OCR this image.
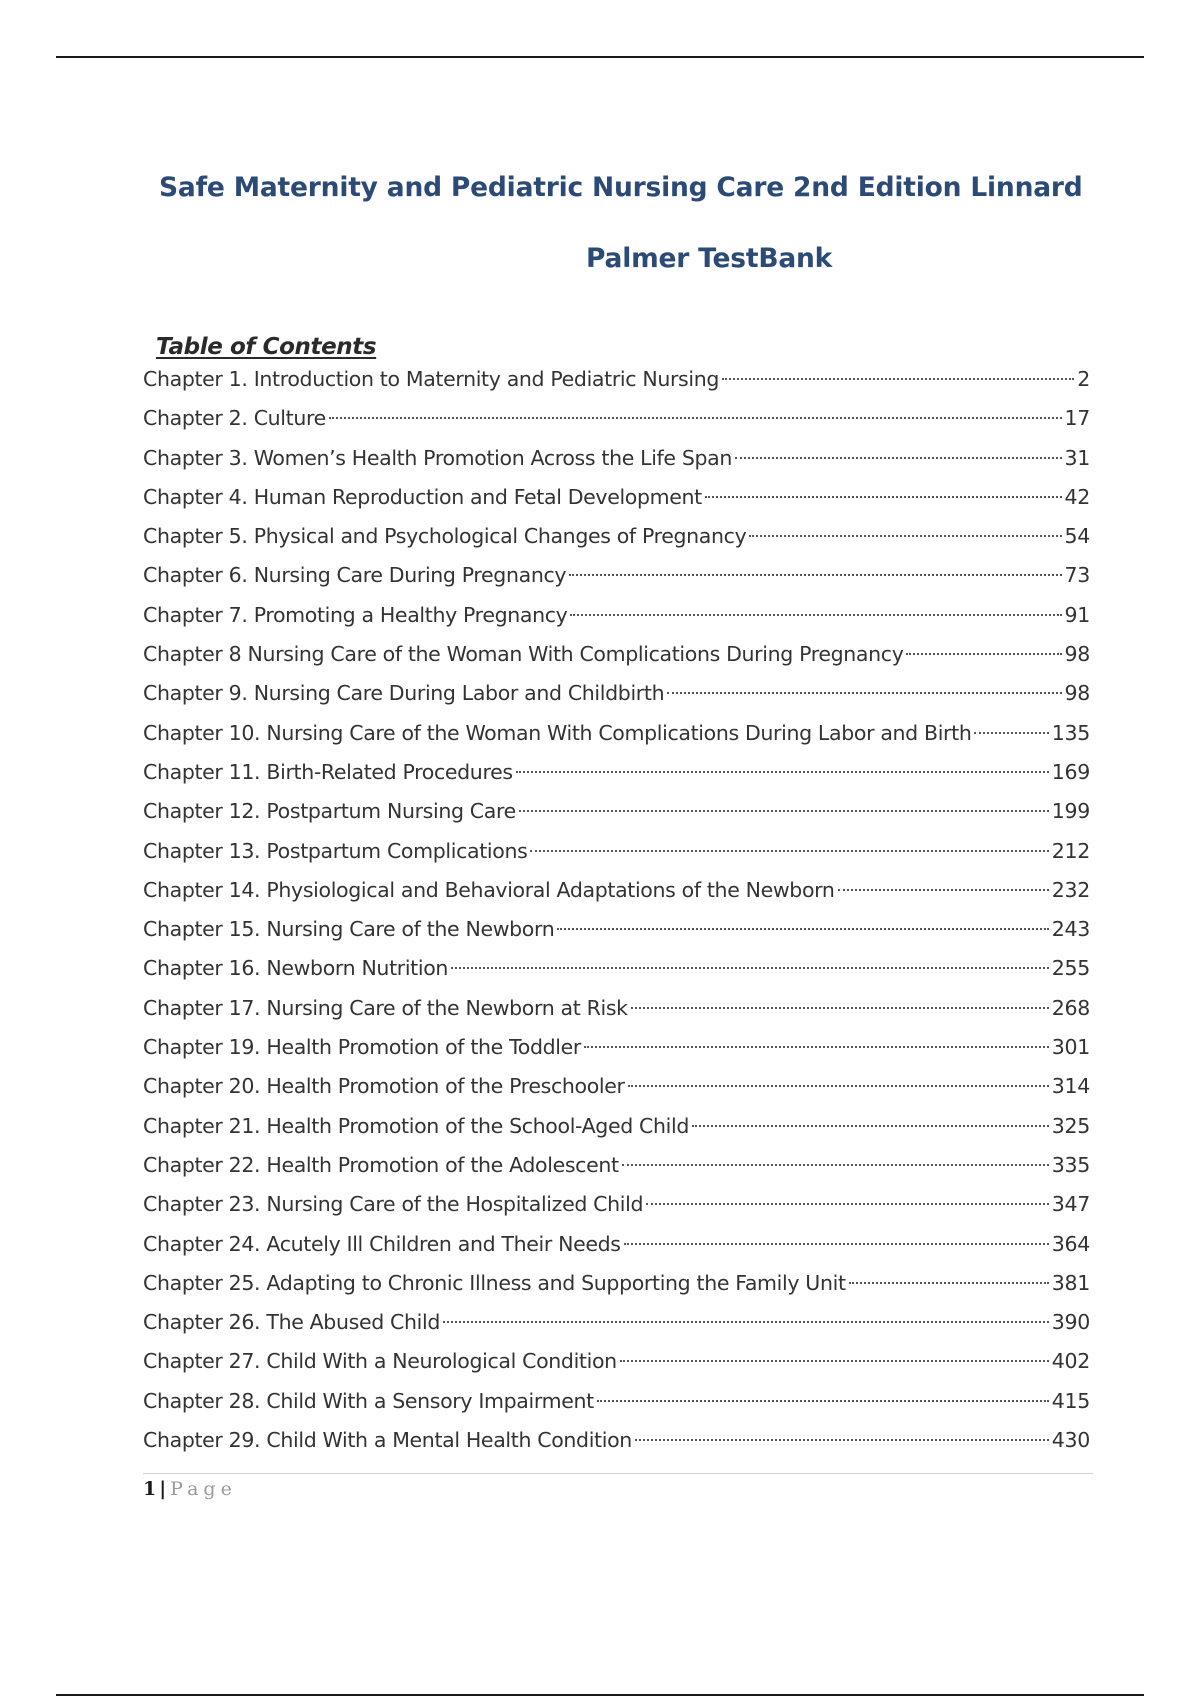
Safe Maternity and Pediatric Nursing Care 2nd Edition Linnard
Palmer TestBank
Table of Contents
Chapter 1. Introduction to Maternity and Pediatric Nursing	2
Chapter 2. Culture	17
Chapter 3. Women’s Health Promotion Across the Life Span	31
Chapter 4. Human Reproduction and Fetal Development	42
Chapter 5. Physical and Psychological Changes of Pregnancy	54
Chapter 6. Nursing Care During Pregnancy	73
Chapter 7. Promoting a Healthy Pregnancy	91
Chapter 8 Nursing Care of the Woman With Complications During Pregnancy	98
Chapter 9. Nursing Care During Labor and Childbirth	98
Chapter 10. Nursing Care of the Woman With Complications During Labor and Birth	135
Chapter 11. Birth-Related Procedures	169
Chapter 12. Postpartum Nursing Care	199
Chapter 13. Postpartum Complications	212
Chapter 14. Physiological and Behavioral Adaptations of the Newborn	232
Chapter 15. Nursing Care of the Newborn	243
Chapter 16. Newborn Nutrition	255
Chapter 17. Nursing Care of the Newborn at Risk	268
Chapter 19. Health Promotion of the Toddler	301
Chapter 20. Health Promotion of the Preschooler	314
Chapter 21. Health Promotion of the School-Aged Child	325
Chapter 22. Health Promotion of the Adolescent	335
Chapter 23. Nursing Care of the Hospitalized Child	347
Chapter 24. Acutely Ill Children and Their Needs	364
Chapter 25. Adapting to Chronic Illness and Supporting the Family Unit	381
Chapter 26. The Abused Child	390
Chapter 27. Child With a Neurological Condition	402
Chapter 28. Child With a Sensory Impairment	415
Chapter 29. Child With a Mental Health Condition	430
1 | Page
